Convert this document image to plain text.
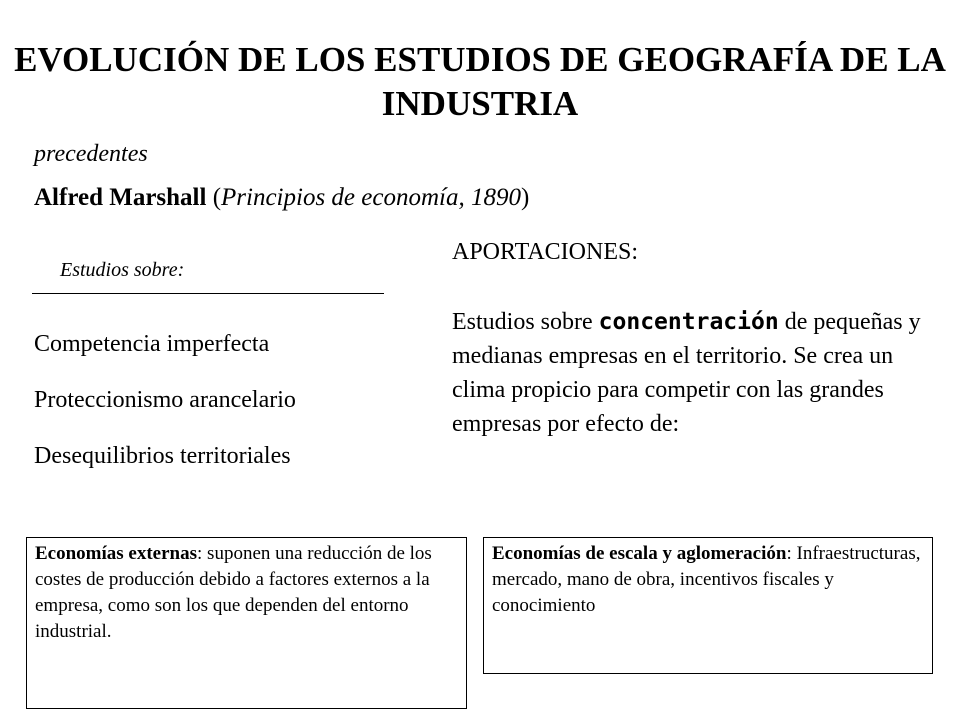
EVOLUCIÓN DE LOS ESTUDIOS DE GEOGRAFÍA DE LA INDUSTRIA
precedentes
Alfred Marshall (Principios de economía, 1890)
Estudios sobre:
Competencia imperfecta
Proteccionismo arancelario
Desequilibrios territoriales
APORTACIONES:
Estudios sobre concentración de pequeñas y medianas empresas en el territorio. Se crea un clima propicio para competir con las grandes empresas por efecto de:
Economías externas: suponen una reducción de los costes de producción debido a factores externos a la empresa, como son los que dependen del entorno industrial.
Economías de escala y aglomeración: Infraestructuras, mercado, mano de obra, incentivos fiscales y conocimiento
